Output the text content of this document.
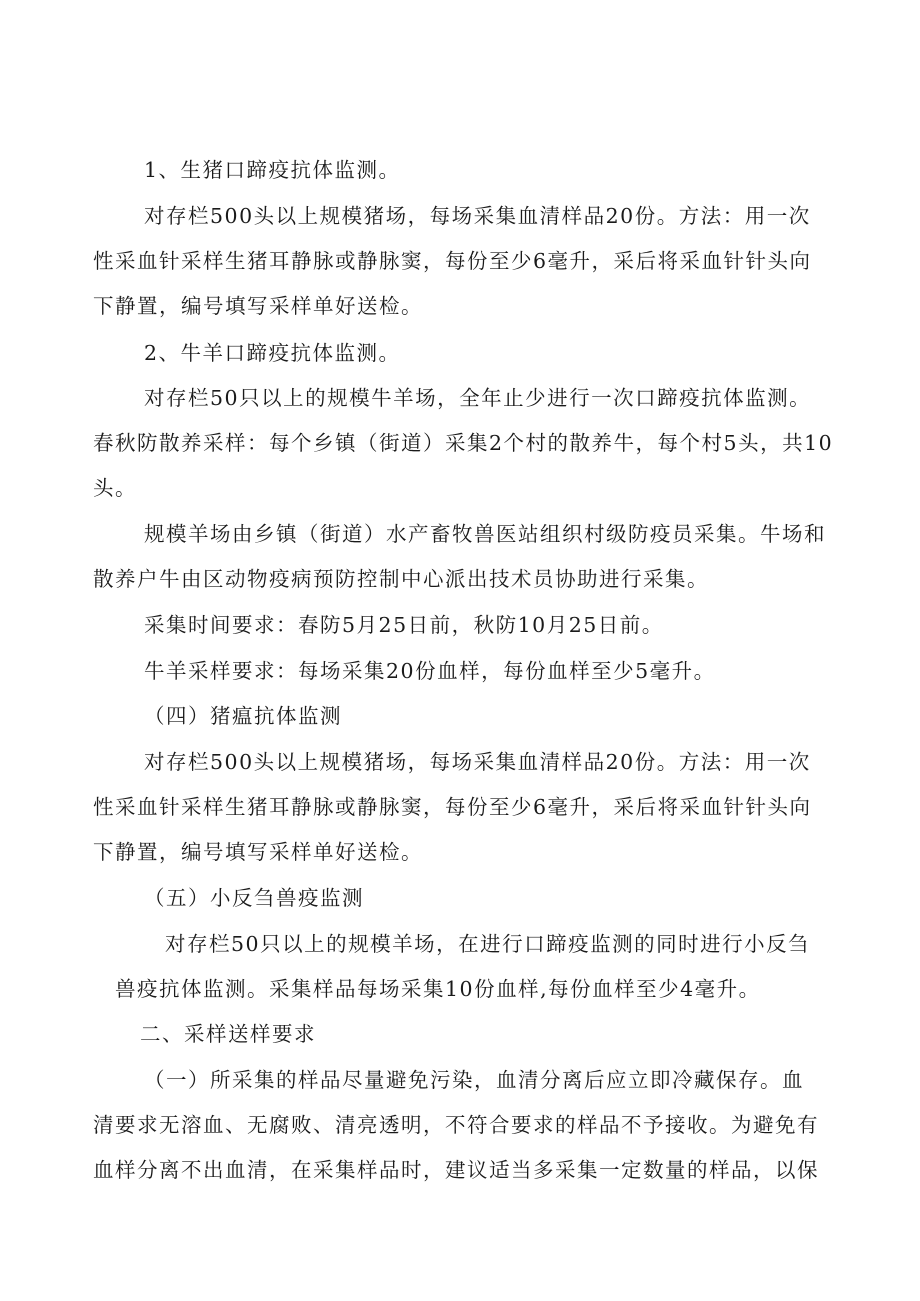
1、生猪口蹄疫抗体监测。

对存栏500头以上规模猪场，每场采集血清样品20份。方法：用一次
性采血针采样生猪耳静脉或静脉窦，每份至少6毫升，采后将采血针针头向
下静置，编号填写采样单好送检。

2、牛羊口蹄疫抗体监测。

对存栏50只以上的规模牛羊场，全年止少进行一次口蹄疫抗体监测。
春秋防散养采样：每个乡镇（街道）采集2个村的散养牛，每个村5头，共10
头。

规模羊场由乡镇（街道）水产畜牧兽医站组织村级防疫员采集。牛场和
散养户牛由区动物疫病预防控制中心派出技术员协助进行采集。

采集时间要求：春防5月25日前，秋防10月25日前。

牛羊采样要求：每场采集20份血样，每份血样至少5毫升。

（四）猪瘟抗体监测

对存栏500头以上规模猪场，每场采集血清样品20份。方法：用一次
性采血针采样生猪耳静脉或静脉窦，每份至少6毫升，采后将采血针针头向
下静置，编号填写采样单好送检。

（五）小反刍兽疫监测

对存栏50只以上的规模羊场，在进行口蹄疫监测的同时进行小反刍
兽疫抗体监测。采集样品每场采集10份血样,每份血样至少4毫升。

二、采样送样要求

（一）所采集的样品尽量避免污染，血清分离后应立即冷藏保存。血
清要求无溶血、无腐败、清亮透明，不符合要求的样品不予接收。为避免有
血样分离不出血清，在采集样品时，建议适当多采集一定数量的样品，以保
